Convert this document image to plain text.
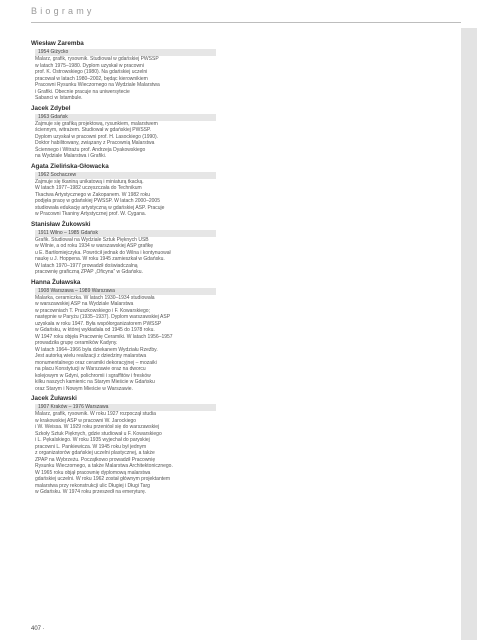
Biogramy
Wiesław Zaremba
1954 Giżycko
Malarz, grafik, rysownik. Studiował w gdańskiej PWSSP
w latach 1975–1980. Dyplom uzyskał w pracowni
prof. K. Ostrowskiego (1980). Na gdańskiej uczelni
pracował w latach 1980–2002, będąc kierownikiem
Pracowni Rysunku Wieczornego na Wydziale Malarstwa
i Grafiki. Obecnie pracuje na uniwersytecie
Sabanci w Istambule.
Jacek Zdybel
1963 Gdańsk
Zajmuje się grafiką projektową, rysunkiem, malarstwem
ściennym, witrażem. Studiował w gdańskiej PWSSP.
Dyplom uzyskał w pracowni prof. H. Lasockiego (1990).
Doktor habilitowany, związany z Pracownią Malarstwa
Ściennego i Witrażu prof. Andrzeja Dyakowskiego
na Wydziale Malarstwa i Grafiki.
Agata Zielińska-Głowacka
1962 Sochaczew
Zajmuje się tkaniną unikatową i miniaturą tkacką.
W latach 1977–1982 uczęszczała do Technikum
Tkactwa Artystycznego w Zakopanem. W 1982 roku
podjęła pracę w gdańskiej PWSSP. W latach 2000–2005
studiowała edukację artystyczną w gdańskiej ASP. Pracuje
w Pracowni Tkaniny Artystycznej prof. W. Cygana.
Stanisław Żukowski
1911 Wilno – 1985 Gdańsk
Grafik. Studiował na Wydziale Sztuk Pięknych USB
w Wilnie, a od roku 1934 w warszawskiej ASP grafikę
u E. Bartłomiejczyka. Powrócił jednak do Wilna i kontynuował
naukę u J. Hoppena. W roku 1945 zamieszkał w Gdańsku.
W latach 1970–1977 prowadził doświadczalną
pracownię graficzną ZPAP „Oficyna” w Gdańsku.
Hanna Żuławska
1908 Warszawa – 1989 Warszawa
Malarka, ceramiczka. W latach 1930–1934 studiowała
w warszawskiej ASP na Wydziale Malarstwa
w pracowniach T. Pruszkowskiego i F. Kowarskiego;
następnie w Paryżu (1935–1937). Dyplom warszawskiej ASP
uzyskała w roku 1947. Była współorganizatorem PWSSP
w Gdańsku, w której wykładała od 1945 do 1978 roku.
W 1947 roku objęła Pracownię Ceramiki. W latach 1956–1957
prowadziła grupę ceramików Kadyny.
W latach 1964–1966 była dziekanem Wydziału Rzeźby.
Jest autorką wielu realizacji z dziedziny malarstwa
monumentalnego oraz ceramiki dekoracyjnej – mozaiki
na placu Konstytucji w Warszawie oraz na dworcu
kolejowym w Gdyni, polichromii i sgraffitów i fresków
kilku naszych kamienic na Starym Mieście w Gdańsku
oraz Starym i Nowym Mieście w Warszawie.
Jacek Żuławski
1907 Kraków – 1976 Warszawa
Malarz, grafik, rysownik. W roku 1927 rozpoczął studia
w krakowskiej ASP w pracowni W. Jarockiego
i W. Weissa. W 1929 roku przeniósł się do warszawskiej
Szkoły Sztuk Pięknych, gdzie studiował u F. Kowarskiego
i L. Pękalskiego. W roku 1935 wyjechał do paryskiej
pracowni L. Pankiewicza. W 1945 roku był jednym
z organizatorów gdańskiej uczelni plastycznej, a także
ZPAP na Wybrzeżu. Początkowo prowadził Pracownię
Rysunku Wieczornego, a także Malarstwa Architektonicznego.
W 1965 roku objął pracownię dyplomową malarstwa
gdańskiej uczelni. W roku 1962 został głównym projektantem
malarstwa przy rekonstrukcji ulic Długiej i Długi Targ
w Gdańsku. W 1974 roku przeszedł na emeryturę.
407 ·
